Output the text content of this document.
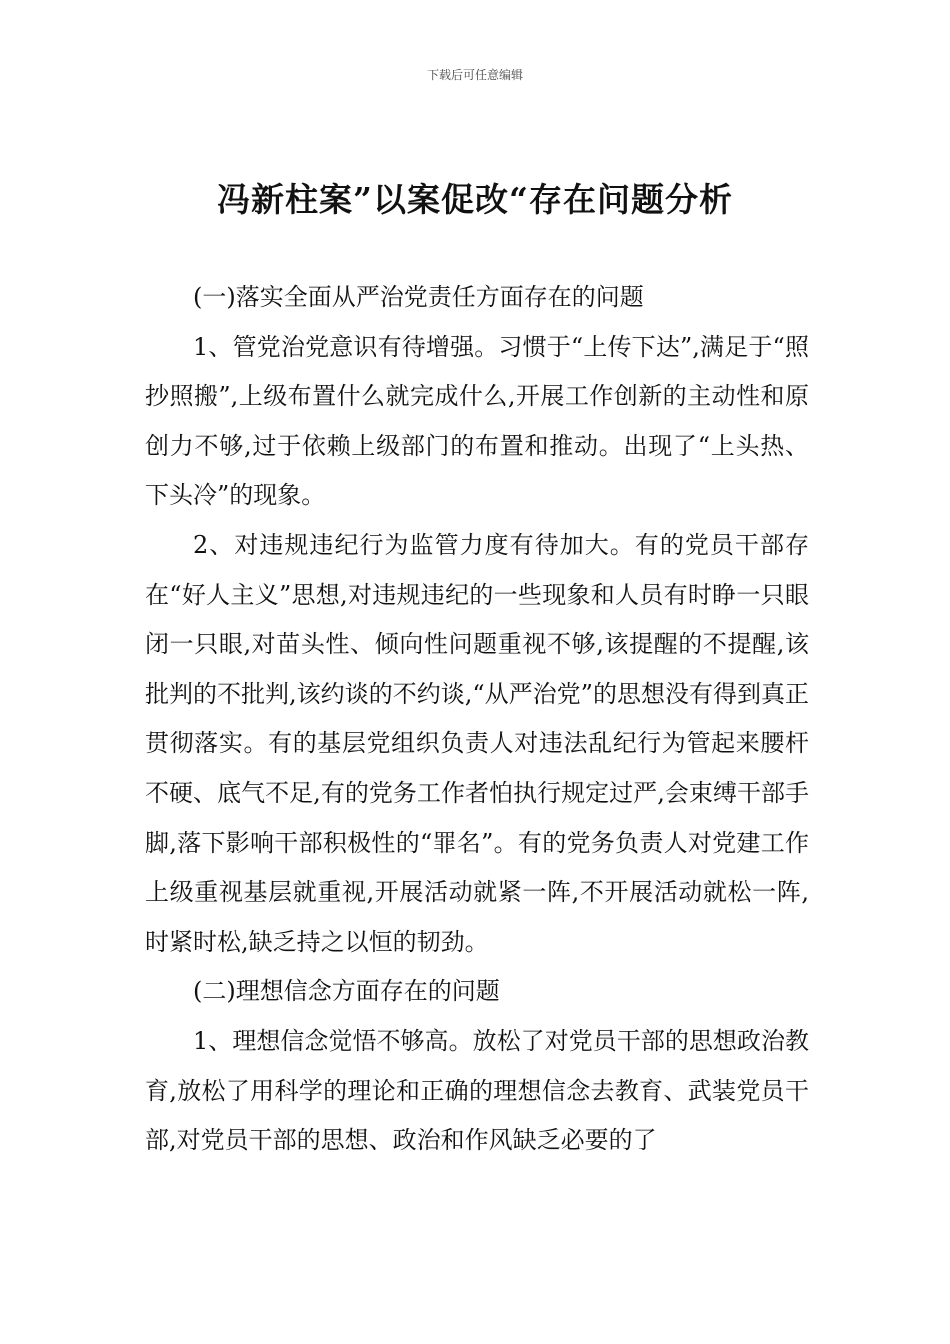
下载后可任意编辑
冯新柱案”以案促改“存在问题分析

(一)落实全面从严治党责任方面存在的问题

1、管党治党意识有待增强。习惯于“上传下达”,满足于“照抄照搬”,上级布置什么就完成什么,开展工作创新的主动性和原创力不够,过于依赖上级部门的布置和推动。出现了“上头热、下头冷”的现象。

2、对违规违纪行为监管力度有待加大。有的党员干部存在“好人主义”思想,对违规违纪的一些现象和人员有时睁一只眼闭一只眼,对苗头性、倾向性问题重视不够,该提醒的不提醒,该批判的不批判,该约谈的不约谈,“从严治党”的思想没有得到真正贯彻落实。有的基层党组织负责人对违法乱纪行为管起来腰杆不硬、底气不足,有的党务工作者怕执行规定过严,会束缚干部手脚,落下影响干部积极性的“罪名”。有的党务负责人对党建工作上级重视基层就重视,开展活动就紧一阵,不开展活动就松一阵,时紧时松,缺乏持之以恒的韧劲。

(二)理想信念方面存在的问题

1、理想信念觉悟不够高。放松了对党员干部的思想政治教育,放松了用科学的理论和正确的理想信念去教育、武装党员干部,对党员干部的思想、政治和作风缺乏必要的了
